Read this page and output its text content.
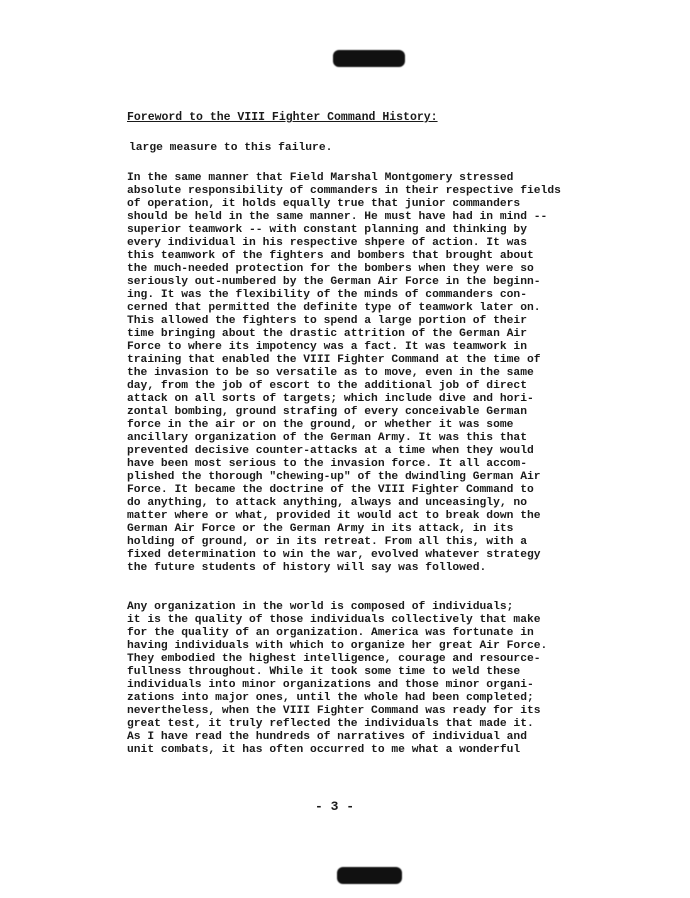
Foreword to the VIII Fighter Command History:
large measure to this failure.
In the same manner that Field Marshal Montgomery stressed
absolute responsibility of commanders in their respective fields
of operation, it holds equally true that junior commanders
should be held in the same manner. He must have had in mind --
superior teamwork -- with constant planning and thinking by
every individual in his respective shpere of action. It was
this teamwork of the fighters and bombers that brought about
the much-needed protection for the bombers when they were so
seriously out-numbered by the German Air Force in the beginn-
ing. It was the flexibility of the minds of commanders con-
cerned that permitted the definite type of teamwork later on.
This allowed the fighters to spend a large portion of their
time bringing about the drastic attrition of the German Air
Force to where its impotency was a fact. It was teamwork in
training that enabled the VIII Fighter Command at the time of
the invasion to be so versatile as to move, even in the same
day, from the job of escort to the additional job of direct
attack on all sorts of targets; which include dive and hori-
zontal bombing, ground strafing of every conceivable German
force in the air or on the ground, or whether it was some
ancillary organization of the German Army. It was this that
prevented decisive counter-attacks at a time when they would
have been most serious to the invasion force. It all accom-
plished the thorough "chewing-up" of the dwindling German Air
Force. It became the doctrine of the VIII Fighter Command to
do anything, to attack anything, always and unceasingly, no
matter where or what, provided it would act to break down the
German Air Force or the German Army in its attack, in its
holding of ground, or in its retreat. From all this, with a
fixed determination to win the war, evolved whatever strategy
the future students of history will say was followed.
Any organization in the world is composed of individuals;
it is the quality of those individuals collectively that make
for the quality of an organization. America was fortunate in
having individuals with which to organize her great Air Force.
They embodied the highest intelligence, courage and resource-
fullness throughout. While it took some time to weld these
individuals into minor organizations and those minor organi-
zations into major ones, until the whole had been completed;
nevertheless, when the VIII Fighter Command was ready for its
great test, it truly reflected the individuals that made it.
As I have read the hundreds of narratives of individual and
unit combats, it has often occurred to me what a wonderful
- 3 -
